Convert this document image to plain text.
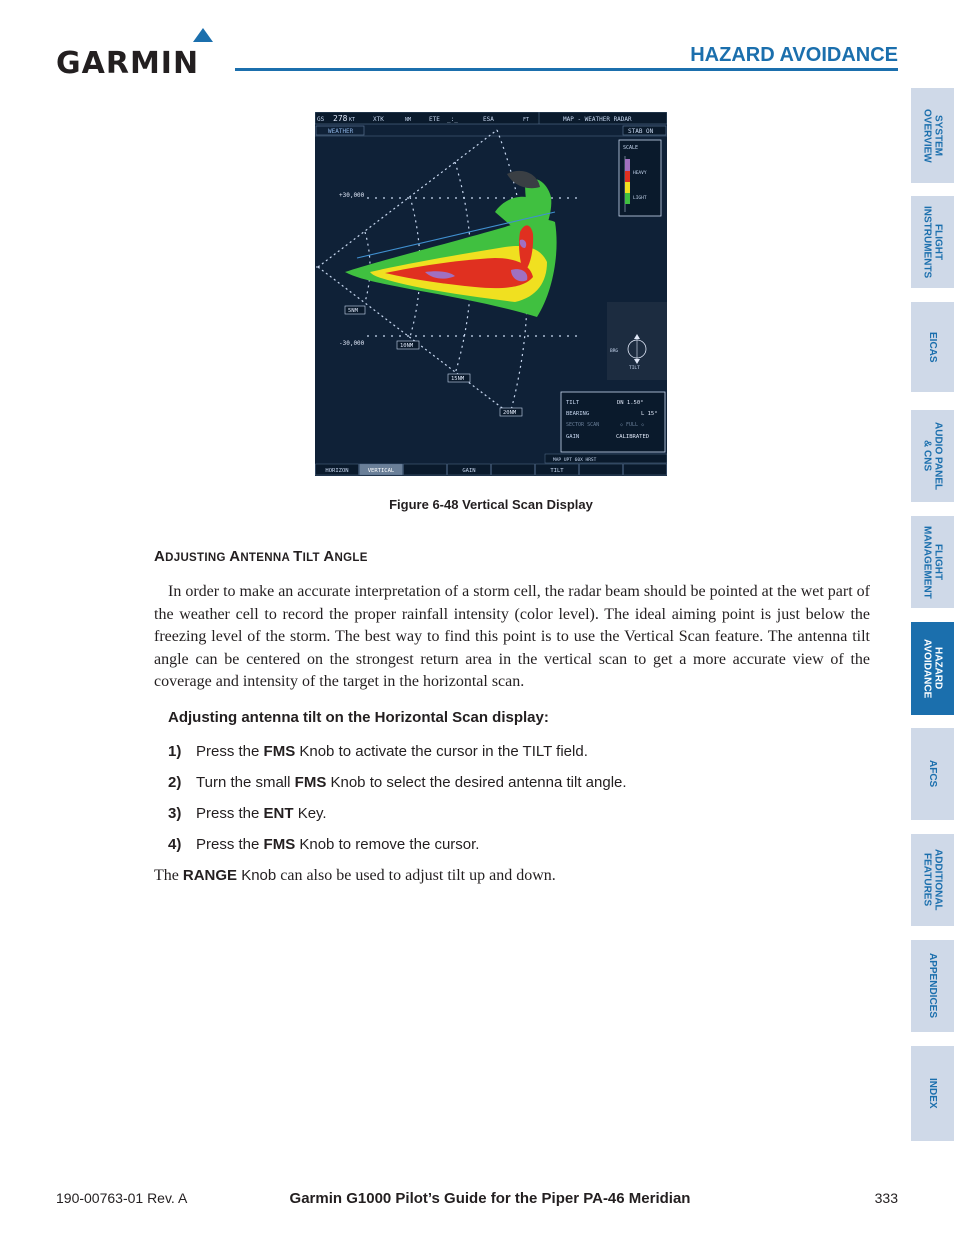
GARMIN	HAZARD AVOIDANCE
SYSTEM
OVERVIEW
FLIGHT
INSTRUMENTS
EICAS
AUDIO PANEL
& CNS
FLIGHT
MANAGEMENT
HAZARD
AVOIDANCE
AFCS
ADDITIONAL
FEATURES
APPENDICES
INDEX
GS 278 KT	XTK	NM	ETE _:_	ESA	FT	MAP - WEATHER RADAR
WEATHER	STAB ON
+30,000
-30,000
5NM
10NM
15NM
20NM
SCALE
HEAVY
LIGHT
BRG
TILT
TILT	DN 1.50°
BEARING	L 15°
SECTOR SCAN	◇ FULL ◇
GAIN	CALIBRATED
MAP UPT 60X HRST
HORIZON	VERTICAL	GAIN	TILT
Figure 6-48 Vertical Scan Display
ADJUSTING ANTENNA TILT ANGLE
In order to make an accurate interpretation of a storm cell, the radar beam should be pointed at the wet part of the weather cell to record the proper rainfall intensity (color level). The ideal aiming point is just below the freezing level of the storm. The best way to find this point is to use the Vertical Scan feature. The antenna tilt angle can be centered on the strongest return area in the vertical scan to get a more accurate view of the coverage and intensity of the target in the horizontal scan.
Adjusting antenna tilt on the Horizontal Scan display:
1) Press the FMS Knob to activate the cursor in the TILT field.
2) Turn the small FMS Knob to select the desired antenna tilt angle.
3) Press the ENT Key.
4) Press the FMS Knob to remove the cursor.
The RANGE Knob can also be used to adjust tilt up and down.
190-00763-01 Rev. A	Garmin G1000 Pilot’s Guide for the Piper PA-46 Meridian	333
